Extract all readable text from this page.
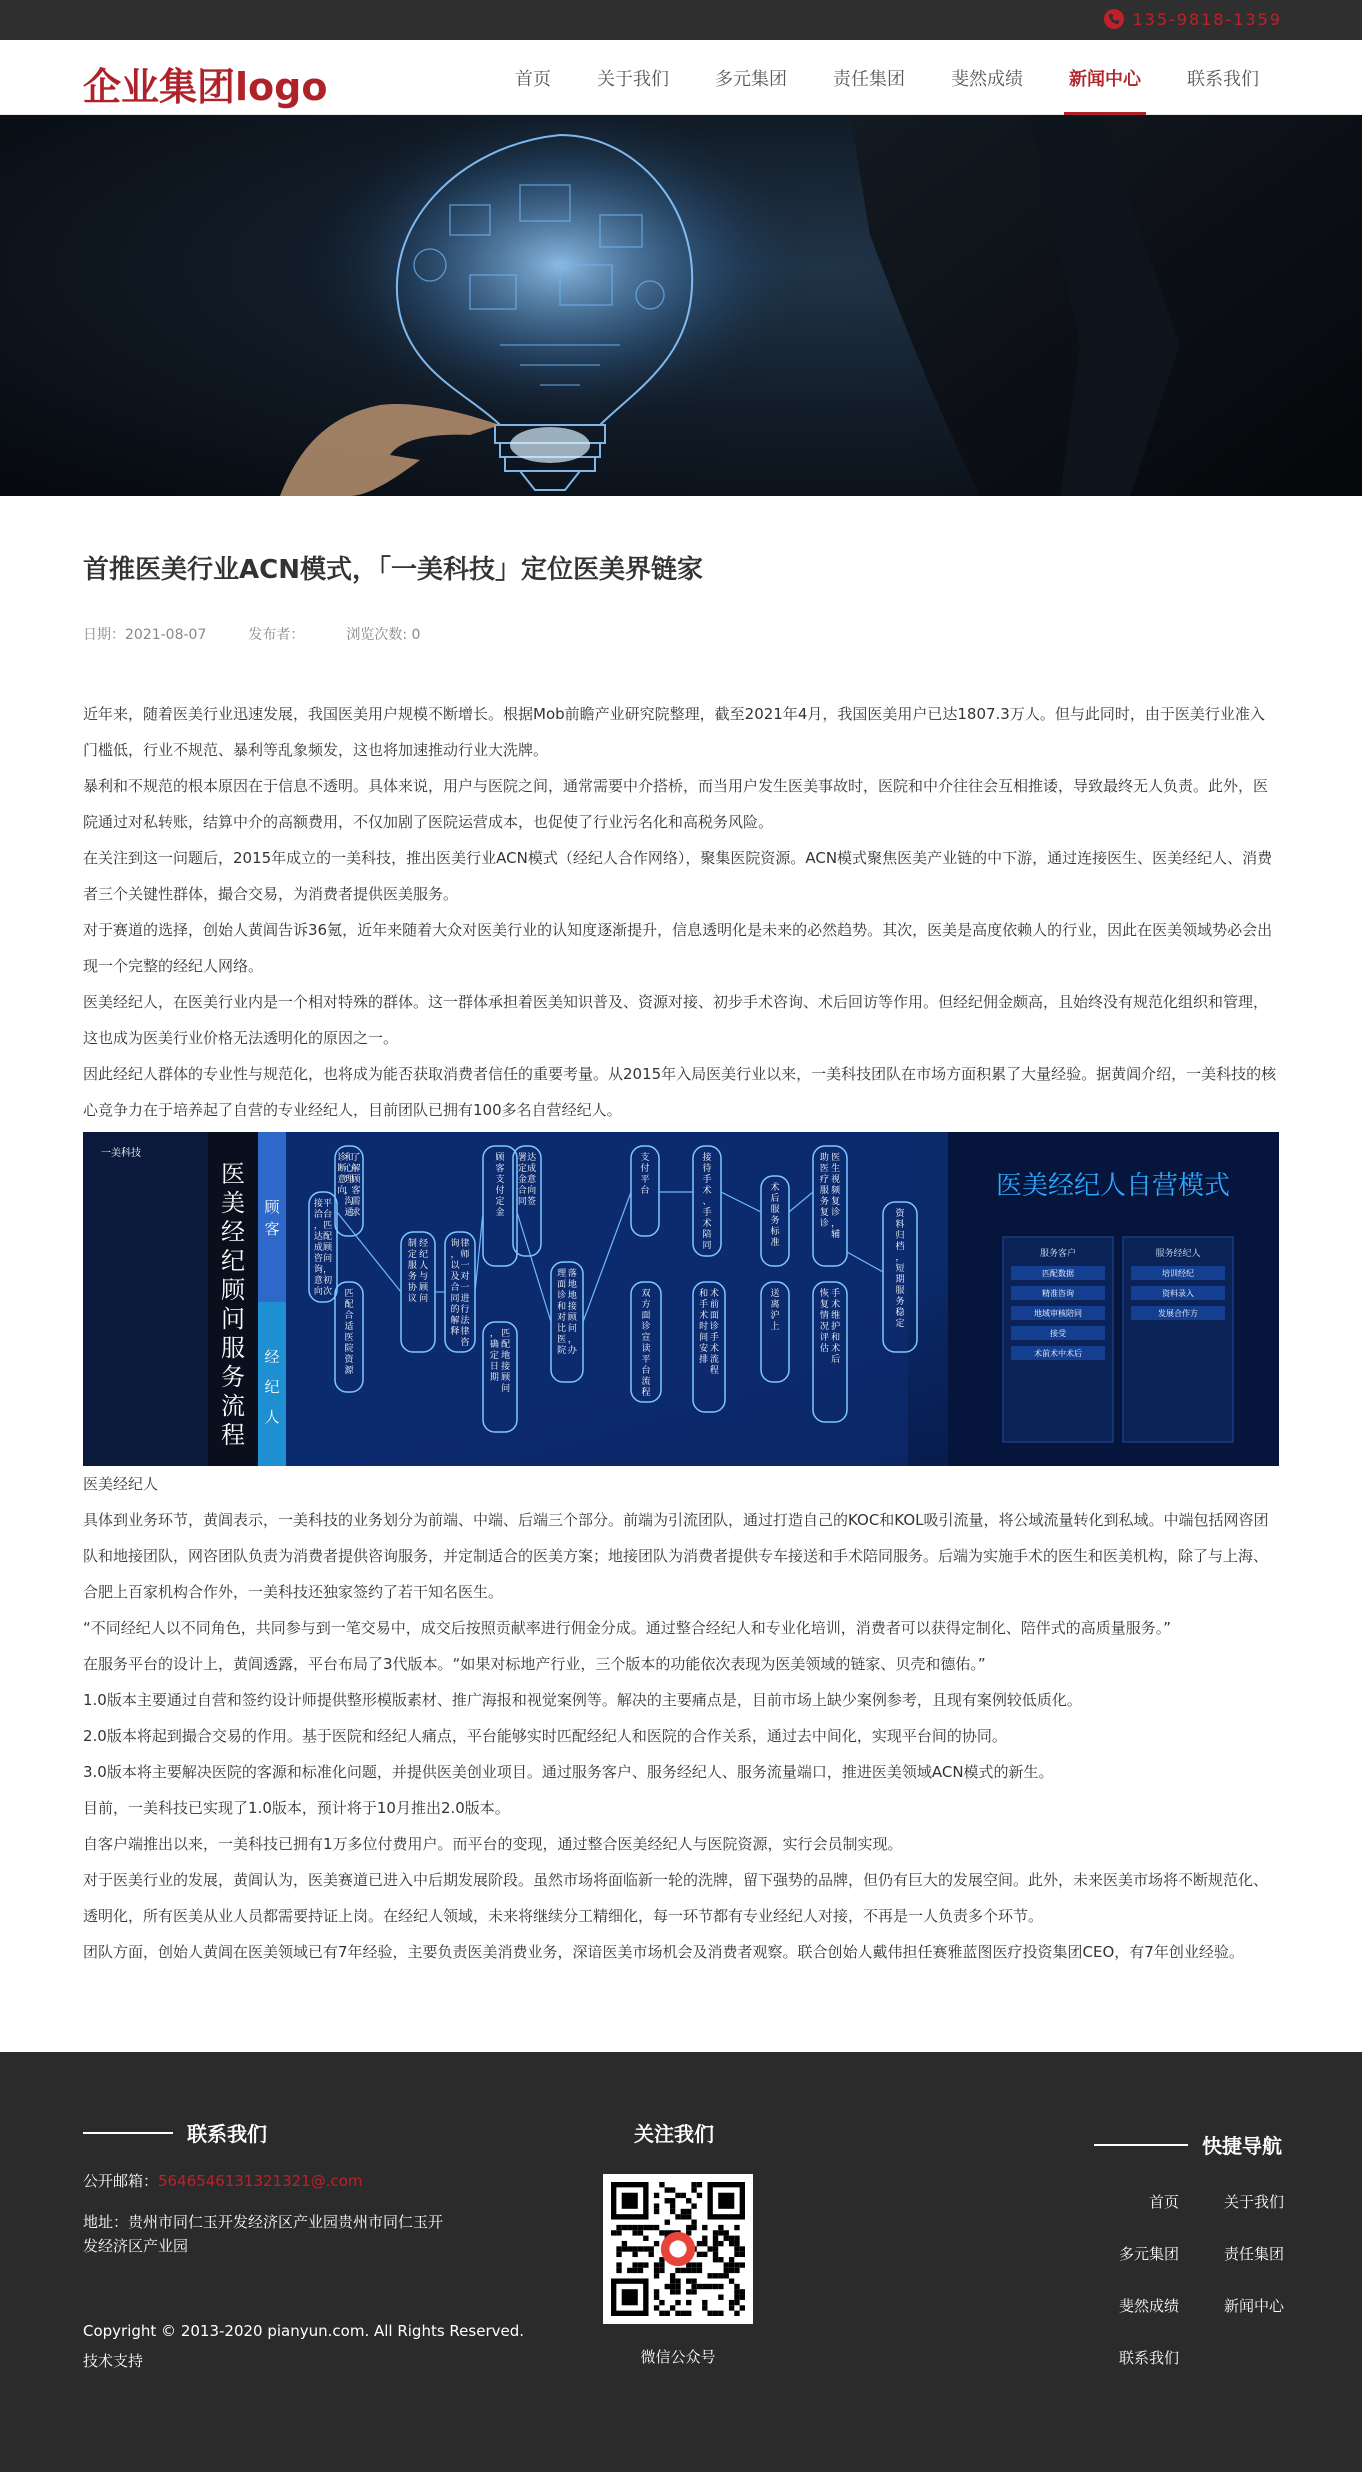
135-9818-1359
企业集团logo	首页	关于我们	多元集团	责任集团	斐然成绩	新闻中心	联系我们
首推医美行业ACN模式，「一美科技」定位医美界链家
日期：2021-08-07	发布者：	浏览次数: 0

近年来，随着医美行业迅速发展，我国医美用户规模不断增长。根据Mob前瞻产业研究院整理，截至2021年4月，我国医美用户已达1807.3万人。但与此同时，由于医美行业准入门槛低，行业不规范、暴利等乱象频发，这也将加速推动行业大洗牌。

暴利和不规范的根本原因在于信息不透明。具体来说，用户与医院之间，通常需要中介搭桥，而当用户发生医美事故时，医院和中介往往会互相推诿，导致最终无人负责。此外，医院通过对私转账，结算中介的高额费用，不仅加剧了医院运营成本，也促使了行业污名化和高税务风险。

在关注到这一问题后，2015年成立的一美科技，推出医美行业ACN模式（经纪人合作网络），聚集医院资源。ACN模式聚焦医美产业链的中下游，通过连接医生、医美经纪人、消费者三个关键性群体，撮合交易，为消费者提供医美服务。

对于赛道的选择，创始人黄阊告诉36氪，近年来随着大众对医美行业的认知度逐渐提升，信息透明化是未来的必然趋势。其次，医美是高度依赖人的行业，因此在医美领域势必会出现一个完整的经纪人网络。

医美经纪人，在医美行业内是一个相对特殊的群体。这一群体承担着医美知识普及、资源对接、初步手术咨询、术后回访等作用。但经纪佣金颇高，且始终没有规范化组织和管理，这也成为医美行业价格无法透明化的原因之一。

因此经纪人群体的专业性与规范化，也将成为能否获取消费者信任的重要考量。从2015年入局医美行业以来，一美科技团队在市场方面积累了大量经验。据黄阊介绍，一美科技的核心竞争力在于培养起了自营的专业经纪人，目前团队已拥有100多名自营经纪人。

一美科技
医美经纪顾问服务流程
顾客
经纪人
平台匹配顾问，初次接洽，达成咨询意向
了解顾客需求和心理，沟通诊断意向
匹配合适医院资源
经纪人与顾问制定服务协议
律师一对一进行法律咨询，以及合同的解释
顾客支付定金
达成意向签署定金合同
匹配地接顾问，确定日期
落地地接顾问，办理面诊和对比医院
支付平台
双方面诊宣读平台流程
接待手术、手术陪同
术前面诊手术流程和手术时间安排
术后服务标准
送离沪上
医生视频复诊，辅助医疗服务复诊
手术维护和术后恢复情况评估
资料归档，短期服务稳定
医美经纪人自营模式
服务客户
匹配数据
精准咨询
地域审核陪同
接受
术前术中术后
服务经纪人
培训经纪
资料录入
发展合作方

医美经纪人

具体到业务环节，黄阊表示，一美科技的业务划分为前端、中端、后端三个部分。前端为引流团队，通过打造自己的KOC和KOL吸引流量，将公域流量转化到私域。中端包括网咨团队和地接团队，网咨团队负责为消费者提供咨询服务，并定制适合的医美方案；地接团队为消费者提供专车接送和手术陪同服务。后端为实施手术的医生和医美机构，除了与上海、合肥上百家机构合作外，一美科技还独家签约了若干知名医生。

“不同经纪人以不同角色，共同参与到一笔交易中，成交后按照贡献率进行佣金分成。通过整合经纪人和专业化培训，消费者可以获得定制化、陪伴式的高质量服务。”

在服务平台的设计上，黄阊透露，平台布局了3代版本。“如果对标地产行业，三个版本的功能依次表现为医美领域的链家、贝壳和德佑。”

1.0版本主要通过自营和签约设计师提供整形模版素材、推广海报和视觉案例等。解决的主要痛点是，目前市场上缺少案例参考，且现有案例较低质化。

2.0版本将起到撮合交易的作用。基于医院和经纪人痛点，平台能够实时匹配经纪人和医院的合作关系，通过去中间化，实现平台间的协同。

3.0版本将主要解决医院的客源和标准化问题，并提供医美创业项目。通过服务客户、服务经纪人、服务流量端口，推进医美领域ACN模式的新生。

目前，一美科技已实现了1.0版本，预计将于10月推出2.0版本。

自客户端推出以来，一美科技已拥有1万多位付费用户。而平台的变现，通过整合医美经纪人与医院资源，实行会员制实现。

对于医美行业的发展，黄阊认为，医美赛道已进入中后期发展阶段。虽然市场将面临新一轮的洗牌，留下强势的品牌，但仍有巨大的发展空间。此外，未来医美市场将不断规范化、透明化，所有医美从业人员都需要持证上岗。在经纪人领域，未来将继续分工精细化，每一环节都有专业经纪人对接，不再是一人负责多个环节。

团队方面，创始人黄阊在医美领域已有7年经验，主要负责医美消费业务，深谙医美市场机会及消费者观察。联合创始人戴伟担任赛雅蓝图医疗投资集团CEO，有7年创业经验。

联系我们
公开邮箱：5646546131321321@.com
地址：贵州市同仁玉开发经济区产业园贵州市同仁玉开发经济区产业园
Copyright © 2013-2020 pianyun.com. All Rights Reserved.
技术支持
关注我们
微信公众号
快捷导航
首页	关于我们
多元集团	责任集团
斐然成绩	新闻中心
联系我们
